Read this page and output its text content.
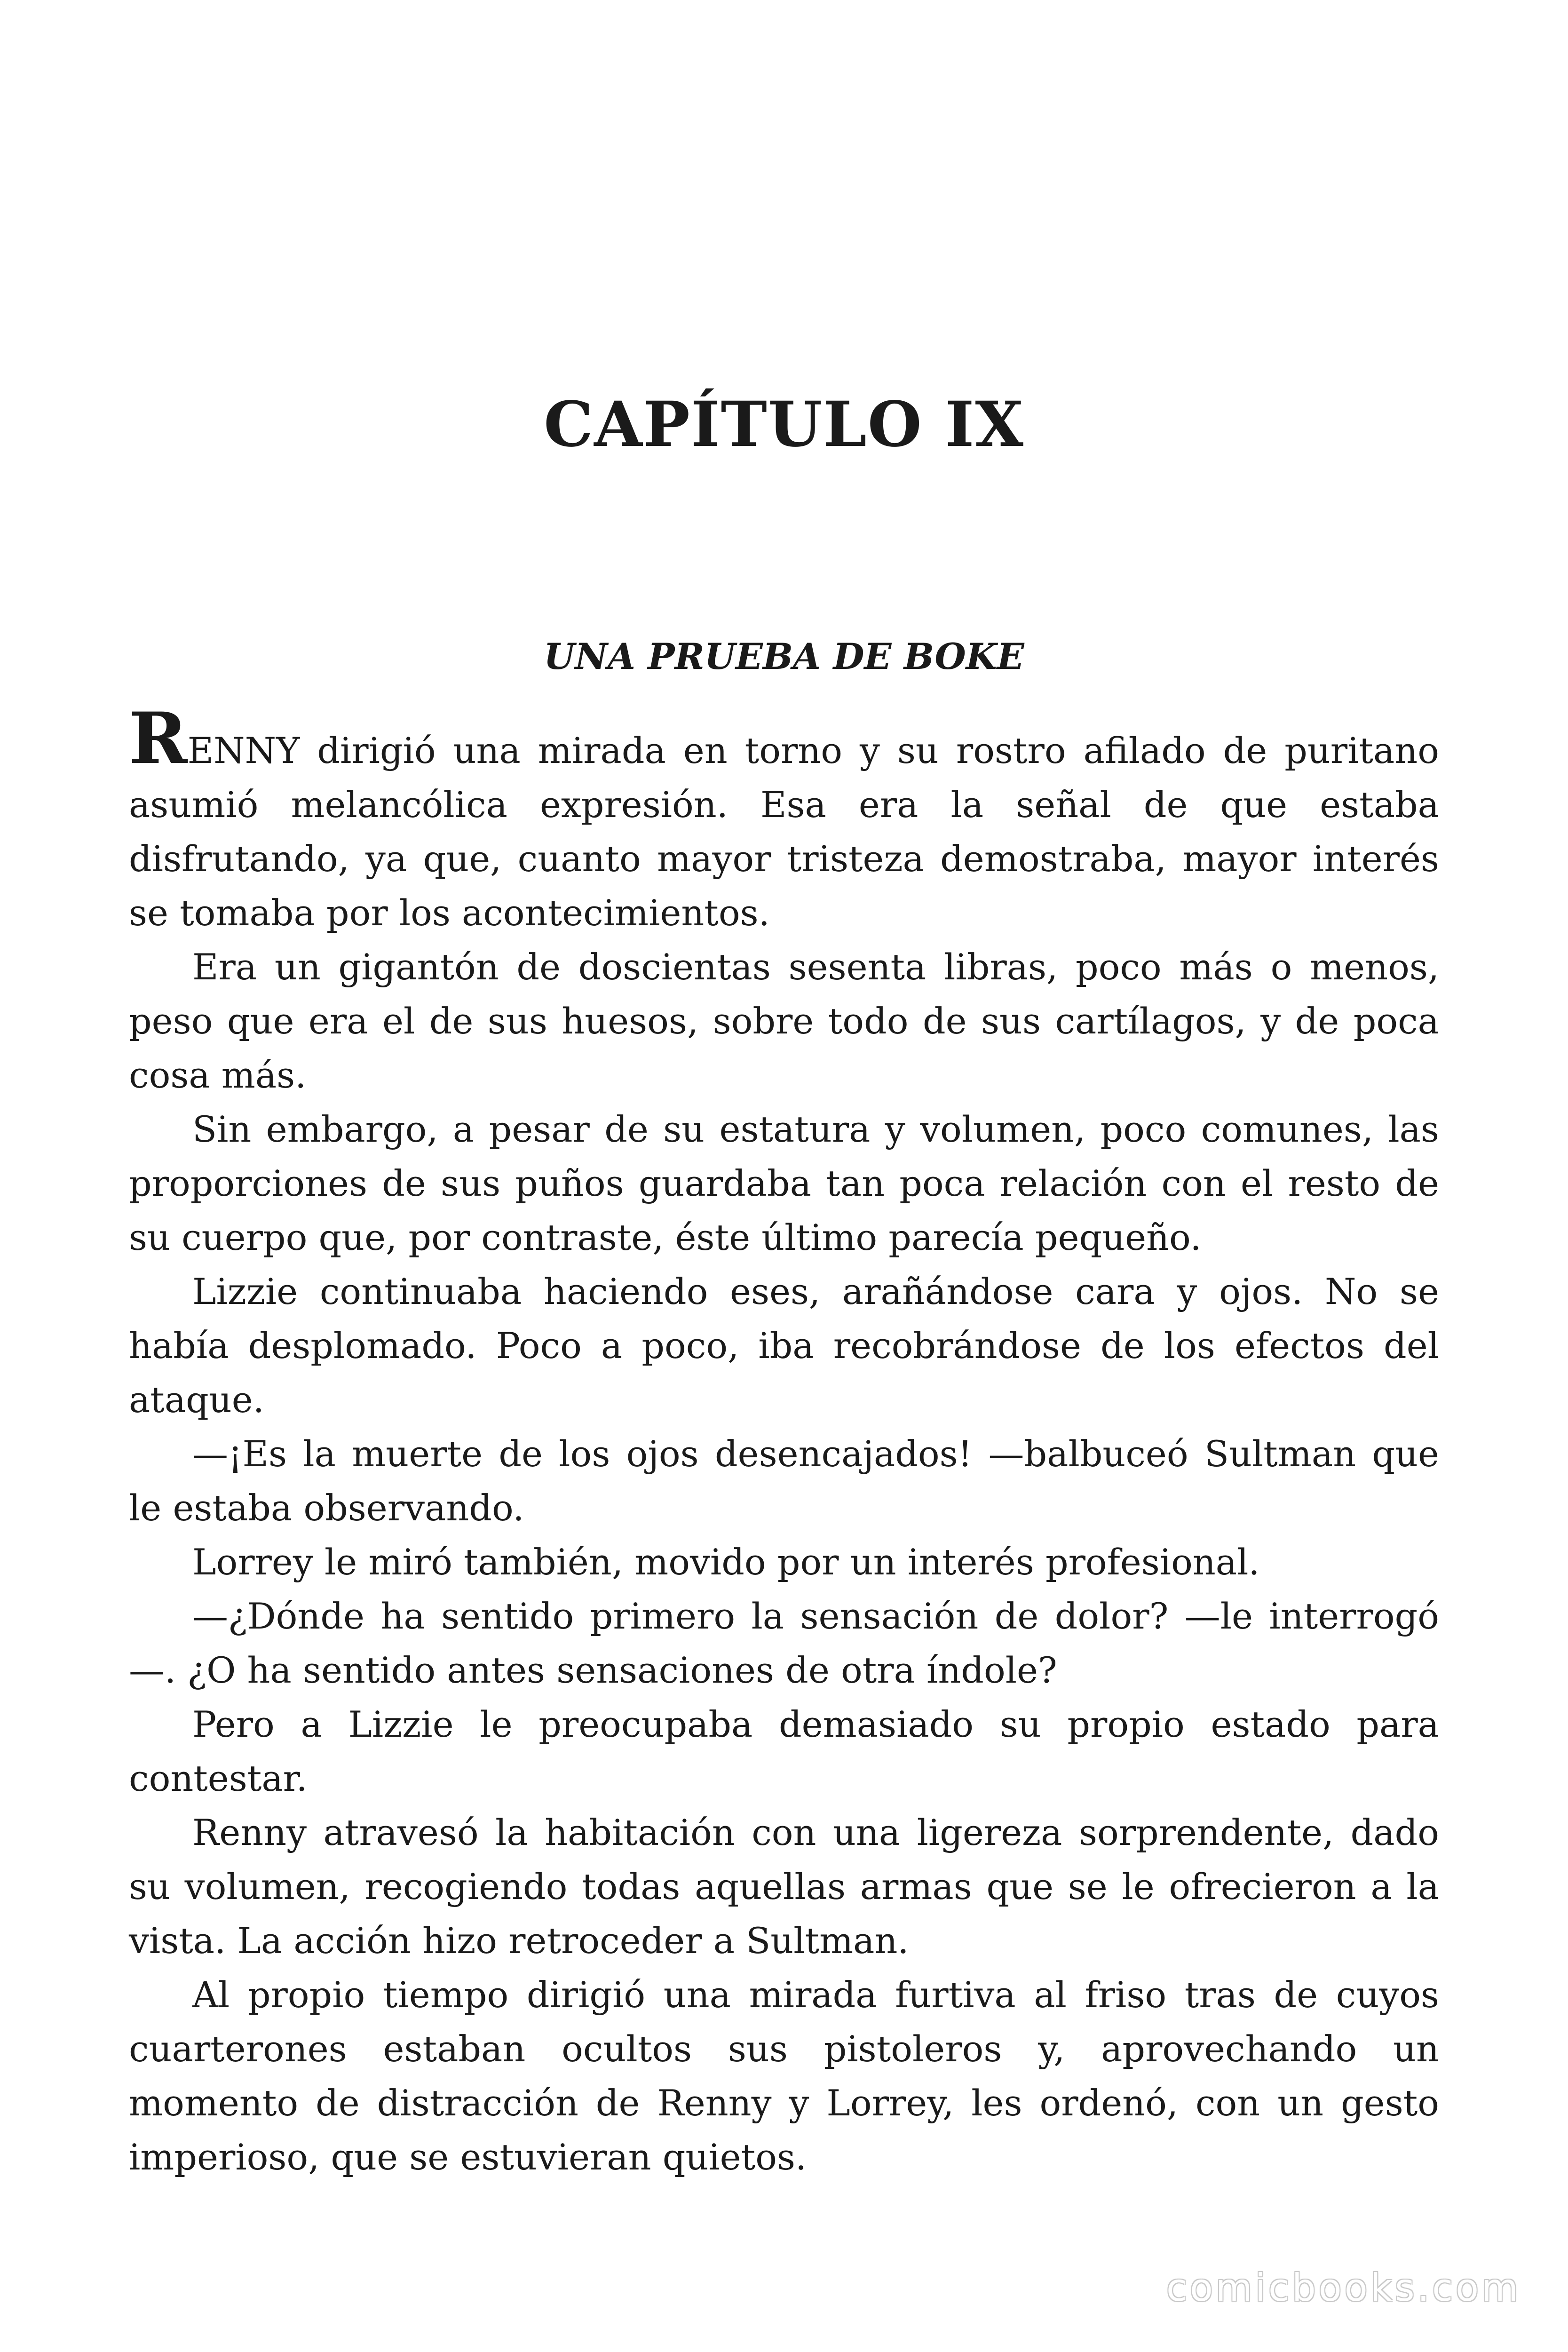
CAPÍTULO IX
UNA PRUEBA DE BOKE

RENNY dirigió una mirada en torno y su rostro afilado de puritano asumió melancólica expresión. Esa era la señal de que estaba disfrutando, ya que, cuanto mayor tristeza demostraba, mayor interés se tomaba por los acontecimientos.

Era un gigantón de doscientas sesenta libras, poco más o menos, peso que era el de sus huesos, sobre todo de sus cartílagos, y de poca cosa más.

Sin embargo, a pesar de su estatura y volumen, poco comunes, las proporciones de sus puños guardaba tan poca relación con el resto de su cuerpo que, por contraste, éste último parecía pequeño.

Lizzie continuaba haciendo eses, arañándose cara y ojos. No se había desplomado. Poco a poco, iba recobrándose de los efectos del ataque.

—¡Es la muerte de los ojos desencajados! —balbuceó Sultman que le estaba observando.

Lorrey le miró también, movido por un interés profesional.

—¿Dónde ha sentido primero la sensación de dolor? —le interrogó—. ¿O ha sentido antes sensaciones de otra índole?

Pero a Lizzie le preocupaba demasiado su propio estado para contestar.

Renny atravesó la habitación con una ligereza sorprendente, dado su volumen, recogiendo todas aquellas armas que se le ofrecieron a la vista. La acción hizo retroceder a Sultman.

Al propio tiempo dirigió una mirada furtiva al friso tras de cuyos cuarterones estaban ocultos sus pistoleros y, aprovechando un momento de distracción de Renny y Lorrey, les ordenó, con un gesto imperioso, que se estuvieran quietos.

comicbooks.com
